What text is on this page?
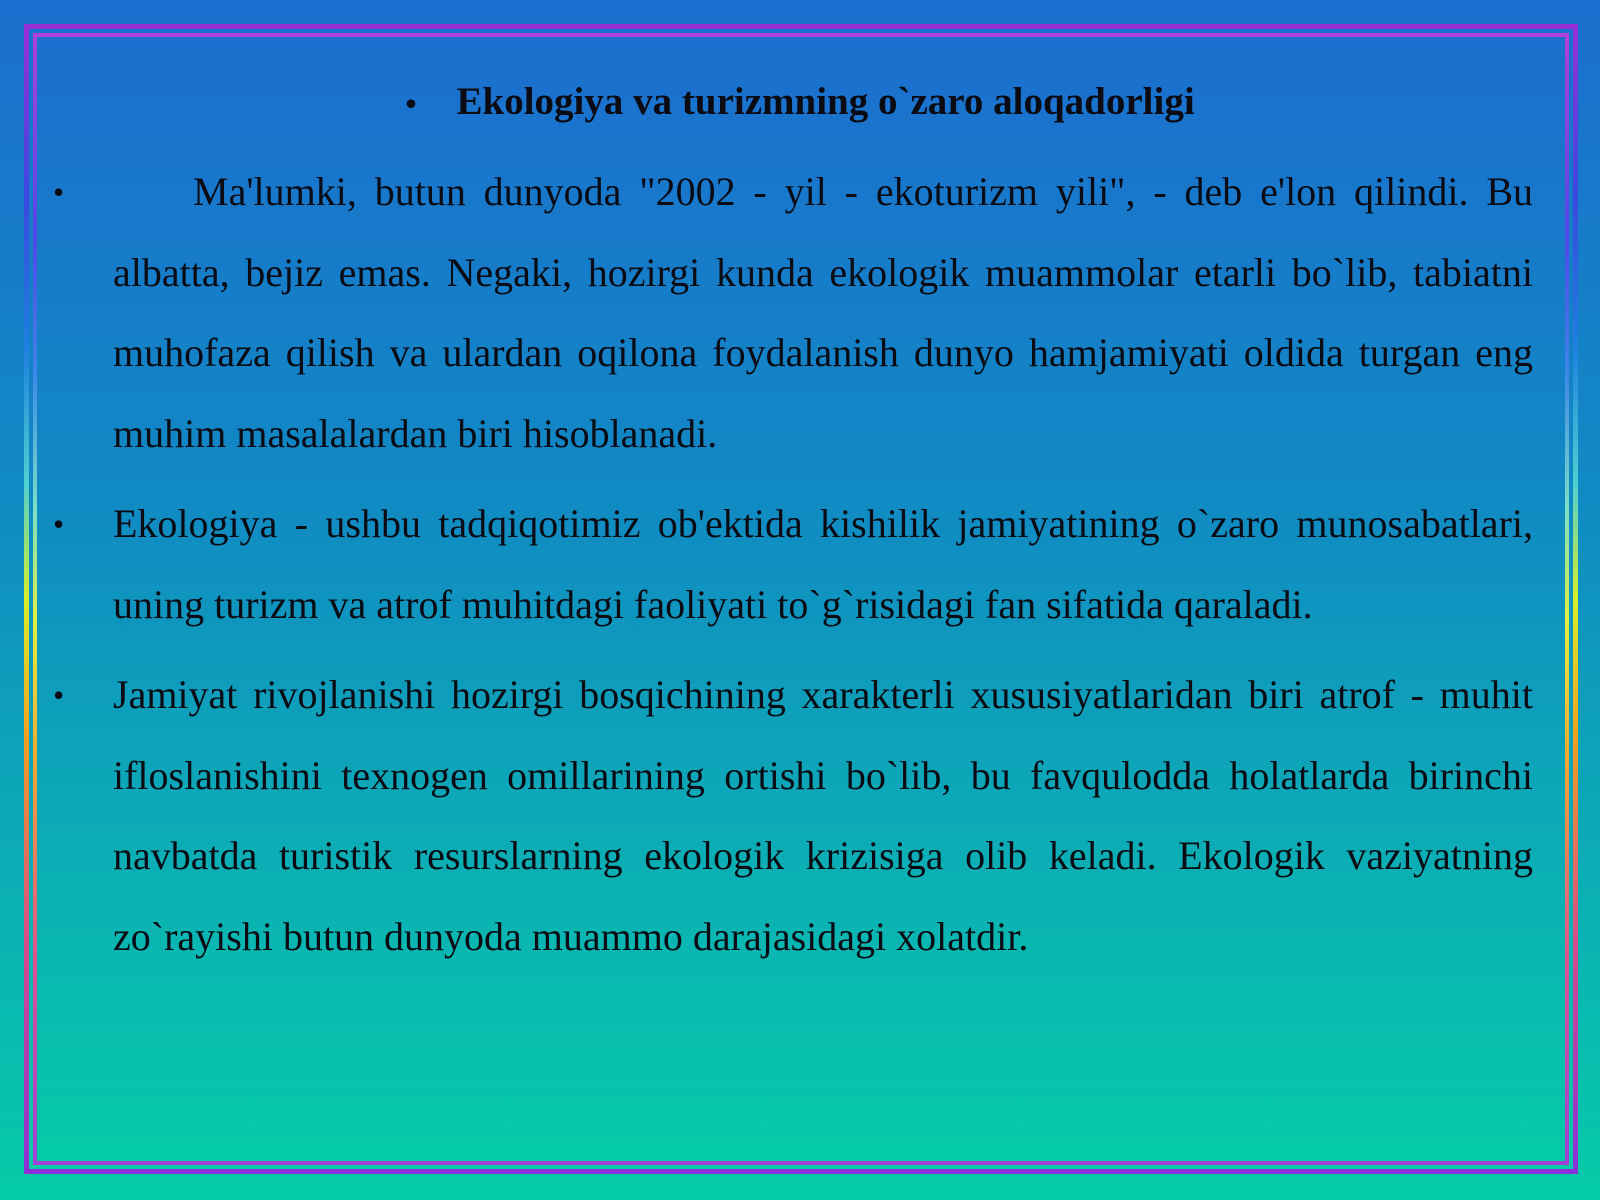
• Ekologiya va turizmning o`zaro aloqadorligi
•	Ma'lumki, butun dunyoda "2002 - yil - ekoturizm yili", - deb e'lon qilindi. Bu albatta, bejiz emas. Negaki, hozirgi kunda ekologik muammolar etarli bo`lib, tabiatni muhofaza qilish va ulardan oqilona foydalanish dunyo hamjamiyati oldida turgan eng muhim masalalardan biri hisoblanadi.
• Ekologiya - ushbu tadqiqotimiz ob'ektida kishilik jamiyatining o`zaro munosabatlari, uning turizm va atrof muhitdagi faoliyati to`g`risidagi fan sifatida qaraladi.
• Jamiyat rivojlanishi hozirgi bosqichining xarakterli xususiyatlaridan biri atrof - muhit ifloslanishini texnogen omillarining ortishi bo`lib, bu favqulodda holatlarda birinchi navbatda turistik resurslarning ekologik krizisiga olib keladi. Ekologik vaziyatning zo`rayishi butun dunyoda muammo darajasidagi xolatdir.
